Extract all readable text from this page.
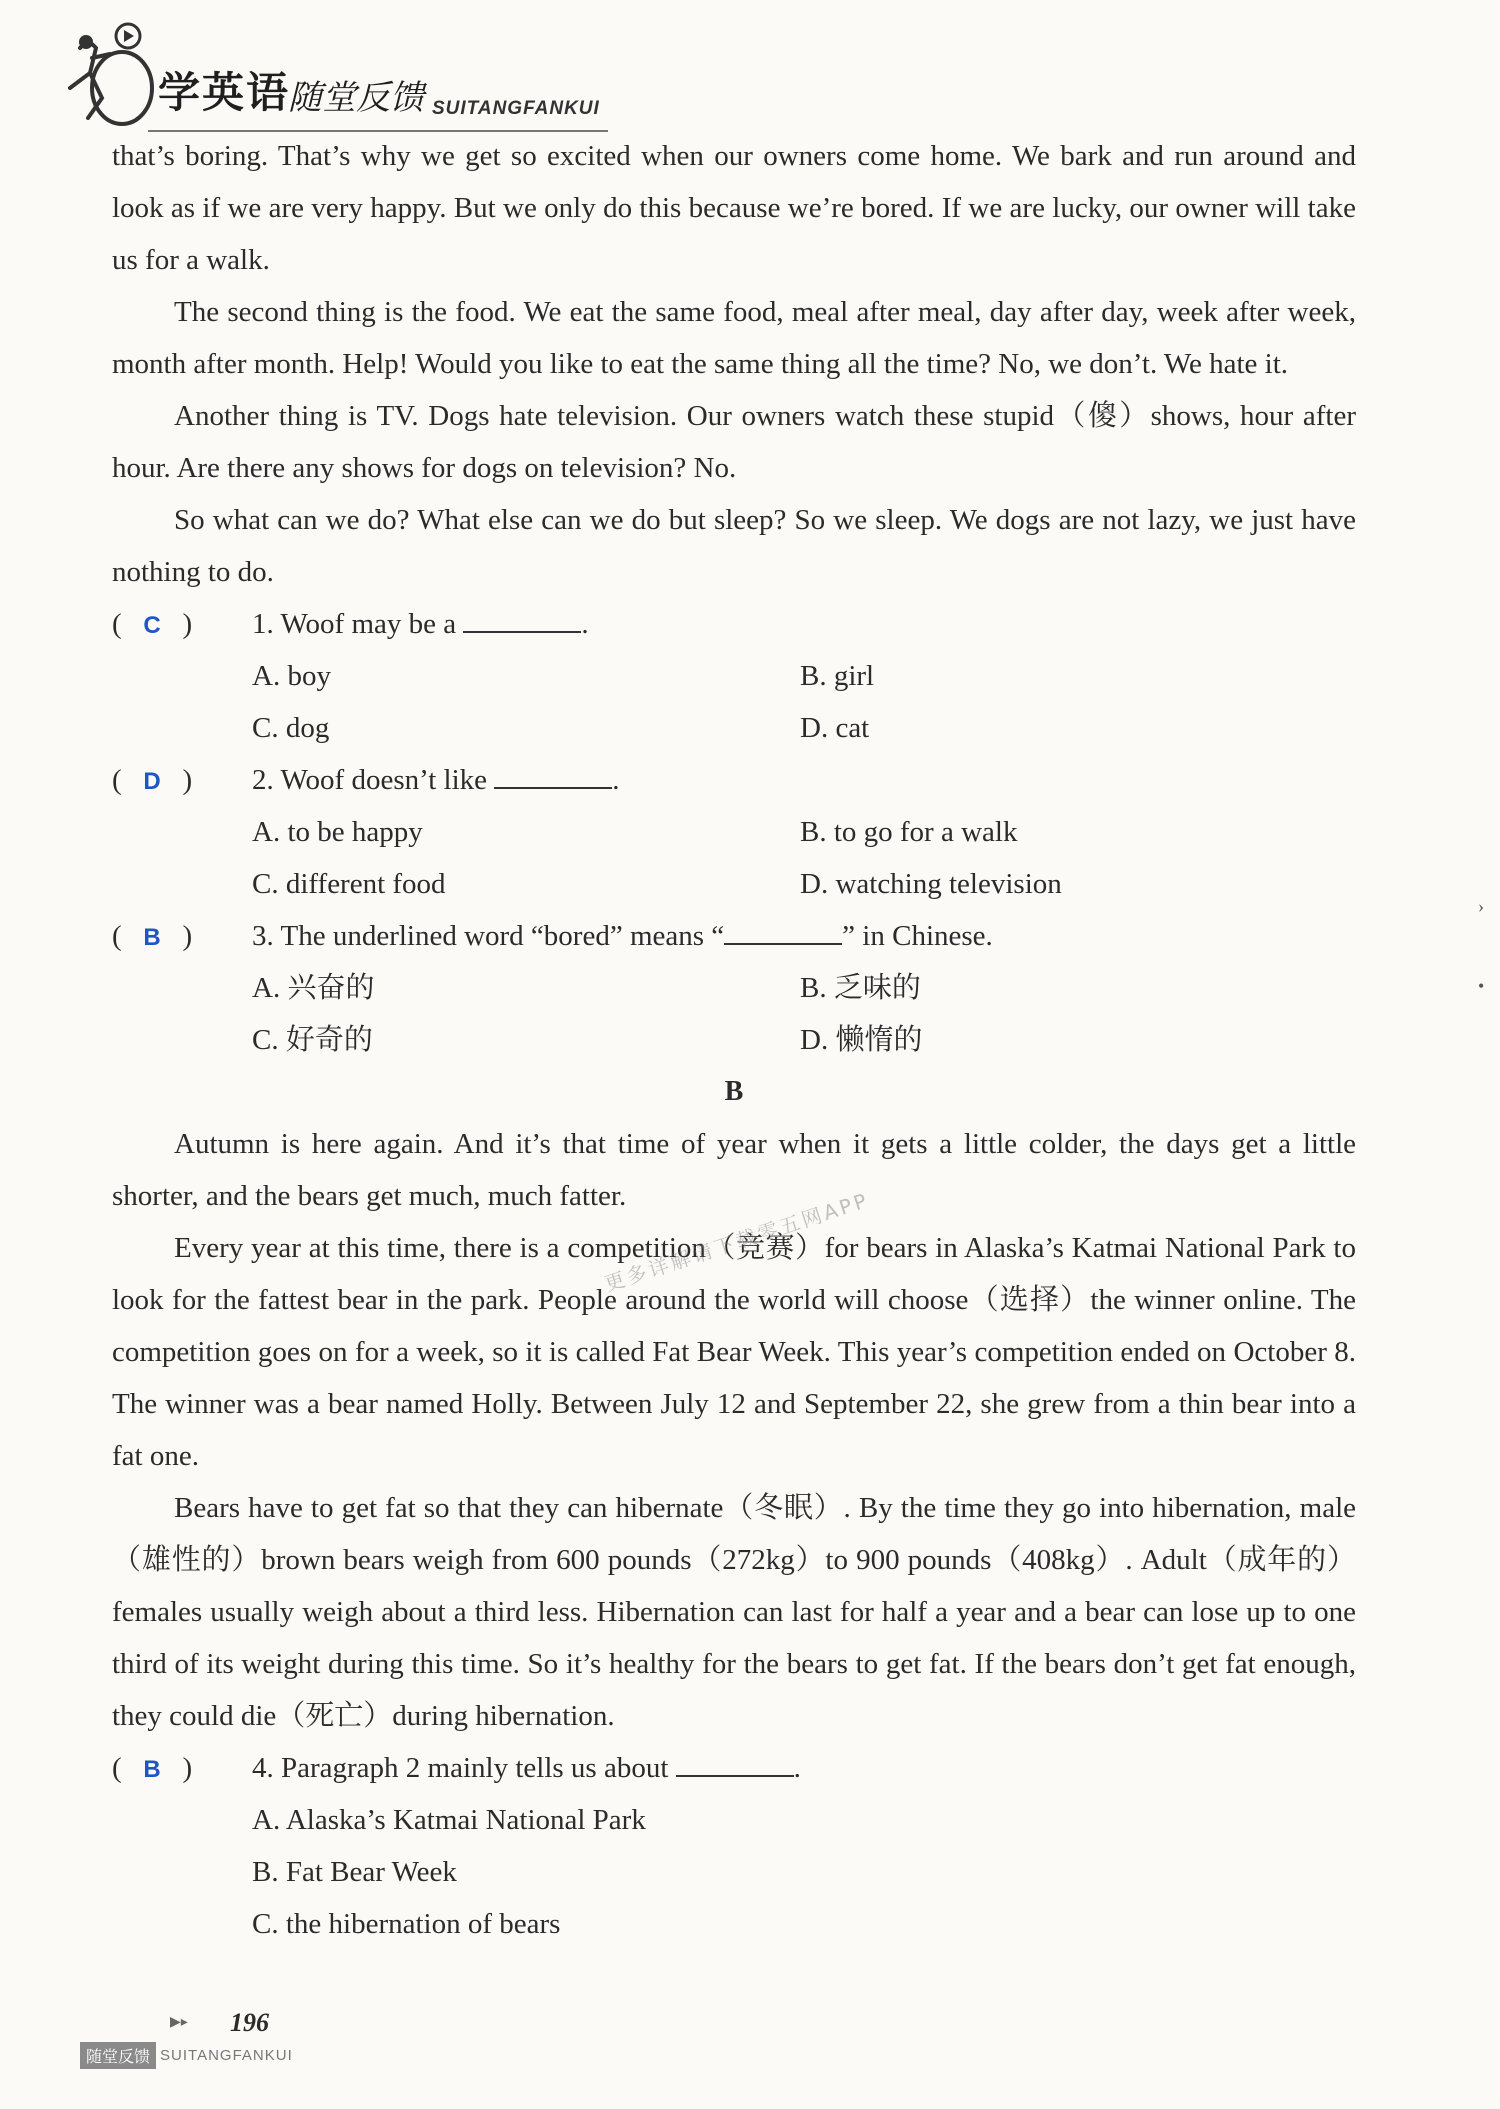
学英语
随堂反馈 SUITANGFANKUI

that’s boring. That’s why we get so excited when our owners come home. We bark and run around and look as if we are very happy. But we only do this because we’re bored. If we are lucky, our owner will take us for a walk.

The second thing is the food. We eat the same food, meal after meal, day after day, week after week, month after month. Help! Would you like to eat the same thing all the time? No, we don’t. We hate it.

Another thing is TV. Dogs hate television. Our owners watch these stupid（傻）shows, hour after hour. Are there any shows for dogs on television? No.

So what can we do? What else can we do but sleep? So we sleep. We dogs are not lazy, we just have nothing to do.

(   C   )	1. Woof may be a	.
A. boy	B. girl
C. dog	D. cat
(   D   )	2. Woof doesn’t like	.
A. to be happy	B. to go for a walk
C. different food	D. watching television
(   B   )	3. The underlined word “bored” means “	” in Chinese.
A. 兴奋的	B. 乏味的
C. 好奇的	D. 懒惰的

B

Autumn is here again. And it’s that time of year when it gets a little colder, the days get a little shorter, and the bears get much, much fatter.

Every year at this time, there is a competition（竞赛）for bears in Alaska’s Katmai National Park to look for the fattest bear in the park. People around the world will choose（选择）the winner online. The competition goes on for a week, so it is called Fat Bear Week. This year’s competition ended on October 8. The winner was a bear named Holly. Between July 12 and September 22, she grew from a thin bear into a fat one.

Bears have to get fat so that they can hibernate（冬眠）. By the time they go into hibernation, male（雄性的）brown bears weigh from 600 pounds（272kg）to 900 pounds（408kg）. Adult（成年的）females usually weigh about a third less. Hibernation can last for half a year and a bear can lose up to one third of its weight during this time. So it’s healthy for the bears to get fat. If the bears don’t get fat enough, they could die（死亡）during hibernation.

(   B   )	4. Paragraph 2 mainly tells us about	.
A. Alaska’s Katmai National Park
B. Fat Bear Week
C. the hibernation of bears
更多详解请下载零五网APP
›
•
▶▸ 196
随堂反馈 SUITANGFANKUI
